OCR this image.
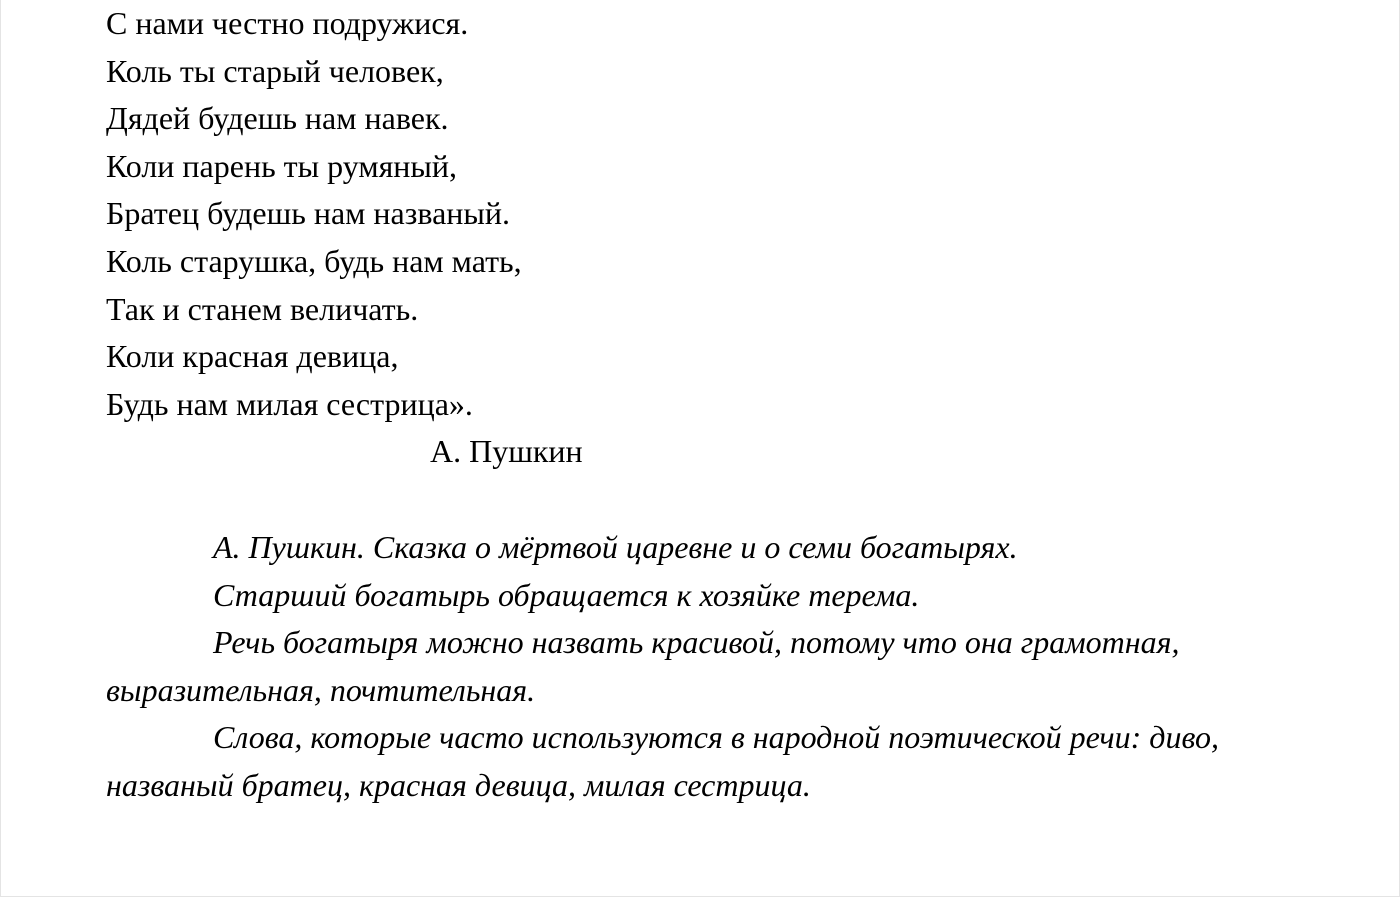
С нами честно подружися.
Коль ты старый человек,
Дядей будешь нам навек.
Коли парень ты румяный,
Братец будешь нам названый.
Коль старушка, будь нам мать,
Так и станем величать.
Коли красная девица,
Будь нам милая сестрица».
А. Пушкин

А. Пушкин. Сказка о мёртвой царевне и о семи богатырях.

Старший богатырь обращается к хозяйке терема.

Речь богатыря можно назвать красивой, потому что она грамотная, выразительная, почтительная.

Слова, которые часто используются в народной поэтической речи: диво, названый братец, красная девица, милая сестрица.
